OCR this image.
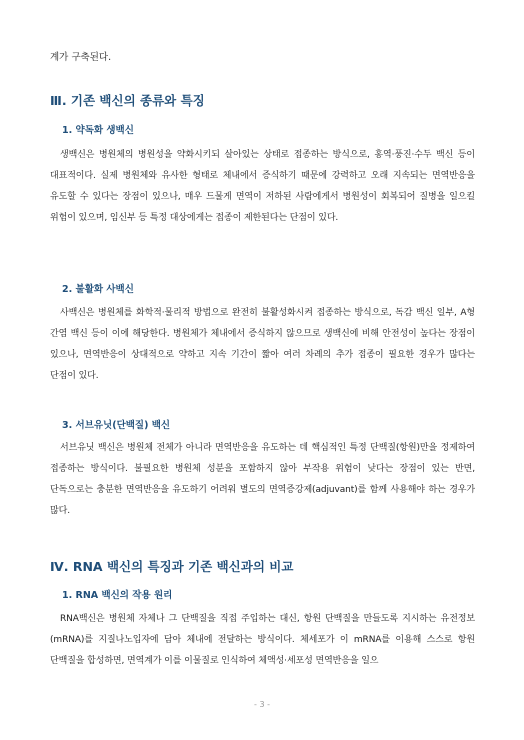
계가 구축된다.

Ⅲ. 기존 백신의 종류와 특징
1. 약독화 생백신

생백신은 병원체의 병원성을 약화시키되 살아있는 상태로 접종하는 방식으로, 홍역·풍진·수두 백신 등이 대표적이다. 실제 병원체와 유사한 형태로 체내에서 증식하기 때문에 강력하고 오래 지속되는 면역반응을 유도할 수 있다는 장점이 있으나, 매우 드물게 면역이 저하된 사람에게서 병원성이 회복되어 질병을 일으킬 위험이 있으며, 임신부 등 특정 대상에게는 접종이 제한된다는 단점이 있다.

2. 불활화 사백신

사백신은 병원체를 화학적·물리적 방법으로 완전히 불활성화시켜 접종하는 방식으로, 독감 백신 일부, A형 간염 백신 등이 이에 해당한다. 병원체가 체내에서 증식하지 않으므로 생백신에 비해 안전성이 높다는 장점이 있으나, 면역반응이 상대적으로 약하고 지속 기간이 짧아 여러 차례의 추가 접종이 필요한 경우가 많다는 단점이 있다.

3. 서브유닛(단백질) 백신

서브유닛 백신은 병원체 전체가 아니라 면역반응을 유도하는 데 핵심적인 특정 단백질(항원)만을 정제하여 접종하는 방식이다. 불필요한 병원체 성분을 포함하지 않아 부작용 위험이 낮다는 장점이 있는 반면, 단독으로는 충분한 면역반응을 유도하기 어려워 별도의 면역증강제(adjuvant)를 함께 사용해야 하는 경우가 많다.

Ⅳ. RNA 백신의 특징과 기존 백신과의 비교
1. RNA 백신의 작용 원리

RNA백신은 병원체 자체나 그 단백질을 직접 주입하는 대신, 항원 단백질을 만들도록 지시하는 유전정보(mRNA)를 지질나노입자에 담아 체내에 전달하는 방식이다. 체세포가 이 mRNA를 이용해 스스로 항원 단백질을 합성하면, 면역계가 이를 이물질로 인식하여 체액성·세포성 면역반응을 일으

- 3 -
